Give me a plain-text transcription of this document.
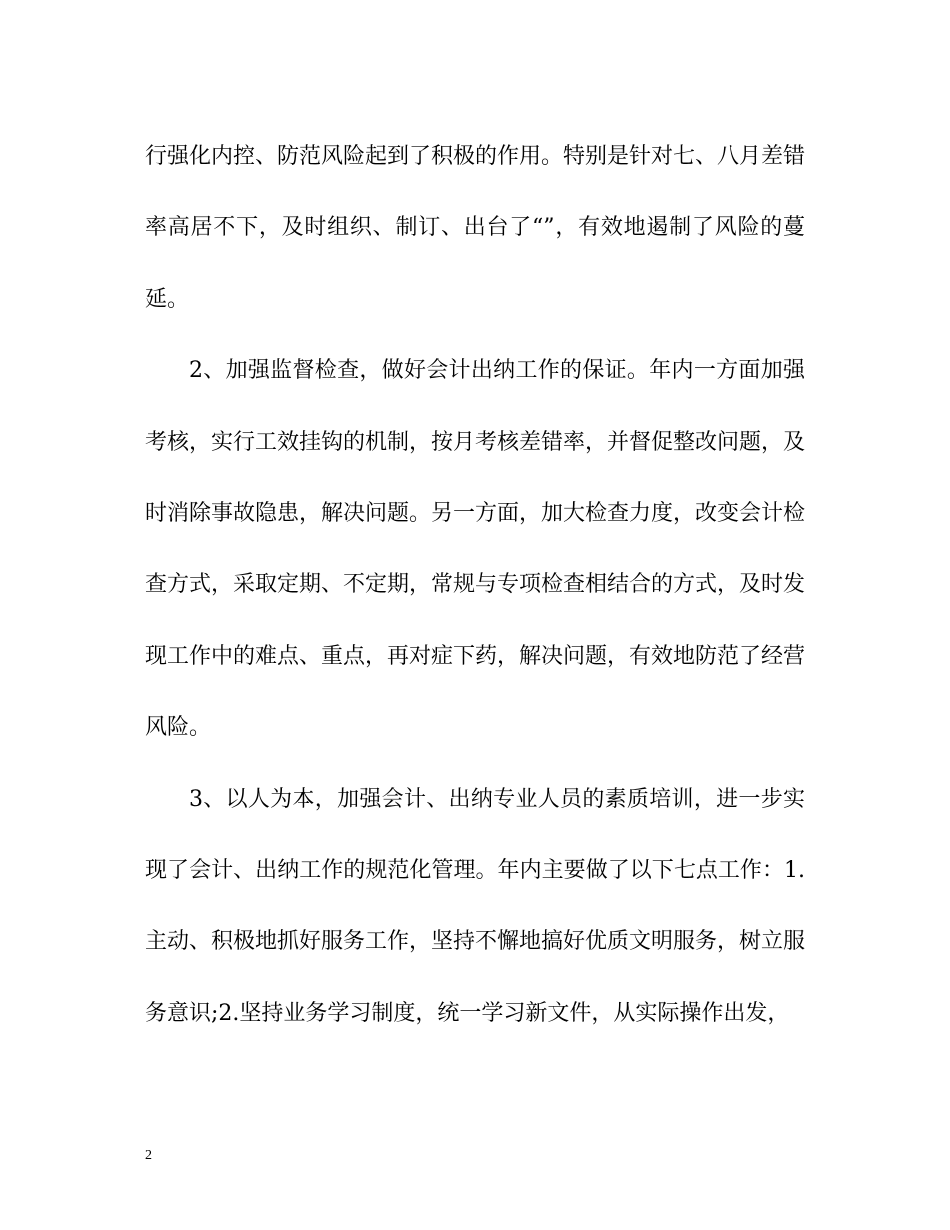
行强化内控、防范风险起到了积极的作用。特别是针对七、八月差错率高居不下，及时组织、制订、出台了“”，有效地遏制了风险的蔓延。

2、加强监督检查，做好会计出纳工作的保证。年内一方面加强考核，实行工效挂钩的机制，按月考核差错率，并督促整改问题，及时消除事故隐患，解决问题。另一方面，加大检查力度，改变会计检查方式，采取定期、不定期，常规与专项检查相结合的方式，及时发现工作中的难点、重点，再对症下药，解决问题，有效地防范了经营风险。

3、以人为本，加强会计、出纳专业人员的素质培训，进一步实现了会计、出纳工作的规范化管理。年内主要做了以下七点工作：1.主动、积极地抓好服务工作，坚持不懈地搞好优质文明服务，树立服务意识;2.坚持业务学习制度，统一学习新文件，从实际操作出发，

2
